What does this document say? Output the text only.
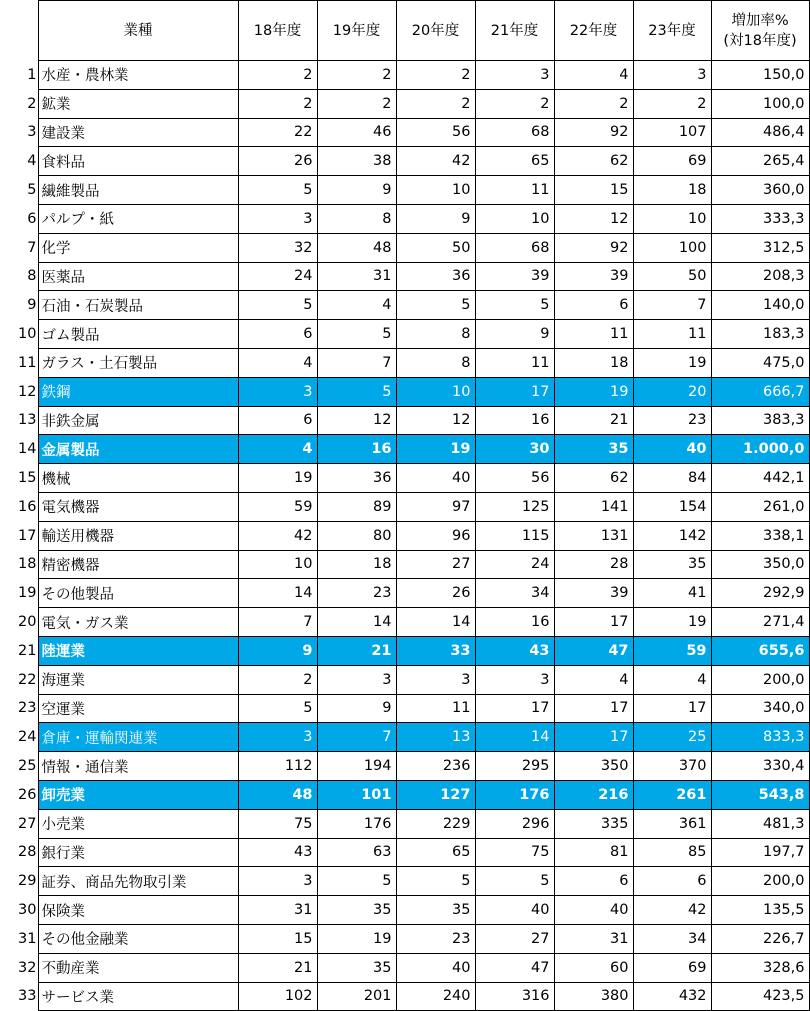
	業種	18年度	19年度	20年度	21年度	22年度	23年度	増加率%
(対18年度)

1	水産・農林業	2	2	2	3	4	3	150,0
2	鉱業	2	2	2	2	2	2	100,0
3	建設業	22	46	56	68	92	107	486,4
4	食料品	26	38	42	65	62	69	265,4
5	繊維製品	5	9	10	11	15	18	360,0
6	パルプ・紙	3	8	9	10	12	10	333,3
7	化学	32	48	50	68	92	100	312,5
8	医薬品	24	31	36	39	39	50	208,3
9	石油・石炭製品	5	4	5	5	6	7	140,0
10	ゴム製品	6	5	8	9	11	11	183,3
11	ガラス・土石製品	4	7	8	11	18	19	475,0
12	鉄鋼	3	5	10	17	19	20	666,7
13	非鉄金属	6	12	12	16	21	23	383,3
14	金属製品	4	16	19	30	35	40	1.000,0
15	機械	19	36	40	56	62	84	442,1
16	電気機器	59	89	97	125	141	154	261,0
17	輸送用機器	42	80	96	115	131	142	338,1
18	精密機器	10	18	27	24	28	35	350,0
19	その他製品	14	23	26	34	39	41	292,9
20	電気・ガス業	7	14	14	16	17	19	271,4
21	陸運業	9	21	33	43	47	59	655,6
22	海運業	2	3	3	3	4	4	200,0
23	空運業	5	9	11	17	17	17	340,0
24	倉庫・運輸関連業	3	7	13	14	17	25	833,3
25	情報・通信業	112	194	236	295	350	370	330,4
26	卸売業	48	101	127	176	216	261	543,8
27	小売業	75	176	229	296	335	361	481,3
28	銀行業	43	63	65	75	81	85	197,7
29	証券、商品先物取引業	3	5	5	5	6	6	200,0
30	保険業	31	35	35	40	40	42	135,5
31	その他金融業	15	19	23	27	31	34	226,7
32	不動産業	21	35	40	47	60	69	328,6
33	サービス業	102	201	240	316	380	432	423,5
